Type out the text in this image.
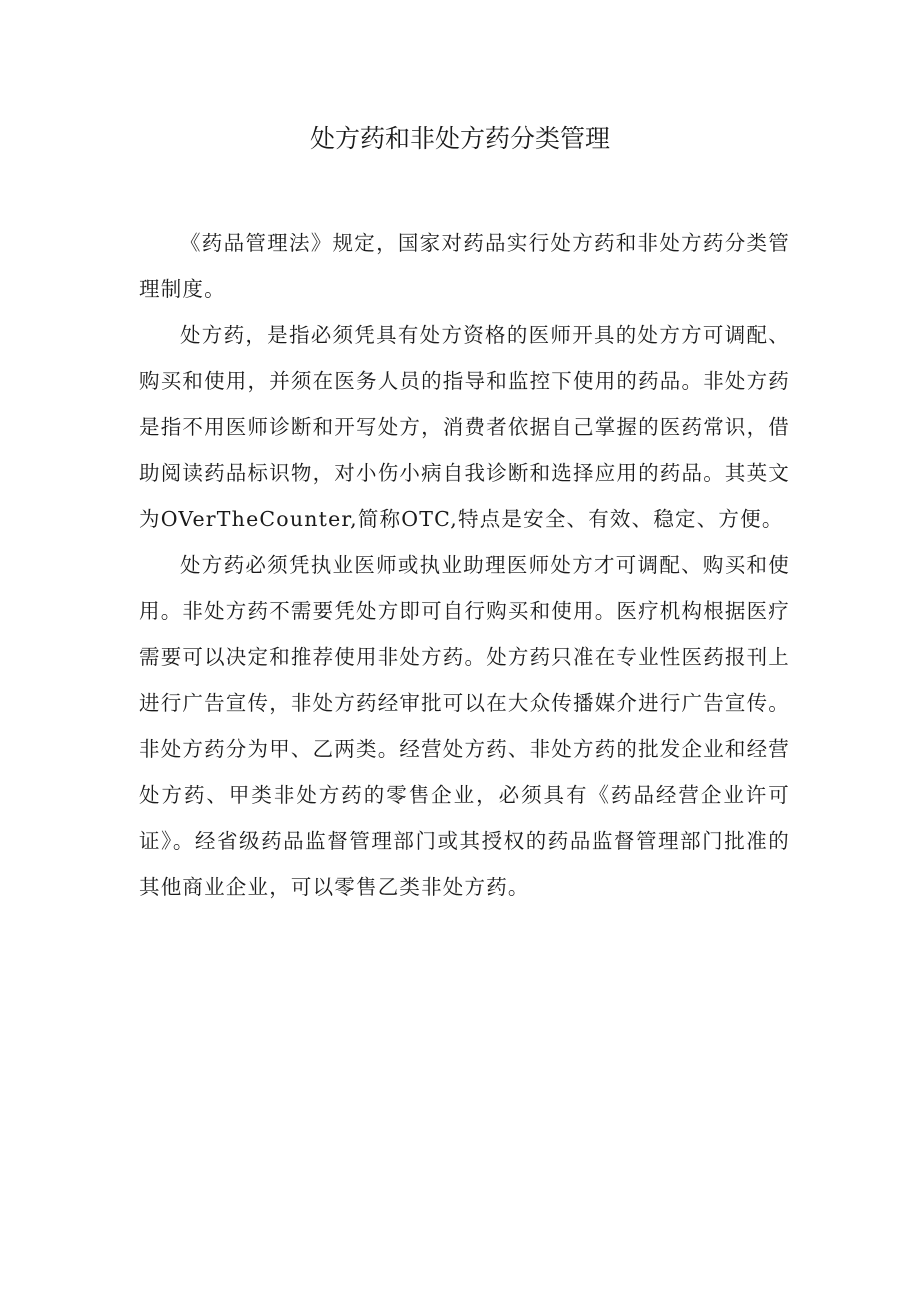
处方药和非处方药分类管理

《药品管理法》规定，国家对药品实行处方药和非处方药分类管理制度。

处方药，是指必须凭具有处方资格的医师开具的处方方可调配、购买和使用，并须在医务人员的指导和监控下使用的药品。非处方药是指不用医师诊断和开写处方，消费者依据自己掌握的医药常识，借助阅读药品标识物，对小伤小病自我诊断和选择应用的药品。其英文为OVerTheCounter,简称OTC,特点是安全、有效、稳定、方便。

处方药必须凭执业医师或执业助理医师处方才可调配、购买和使用。非处方药不需要凭处方即可自行购买和使用。医疗机构根据医疗需要可以决定和推荐使用非处方药。处方药只准在专业性医药报刊上进行广告宣传，非处方药经审批可以在大众传播媒介进行广告宣传。非处方药分为甲、乙两类。经营处方药、非处方药的批发企业和经营处方药、甲类非处方药的零售企业，必须具有《药品经营企业许可证》。经省级药品监督管理部门或其授权的药品监督管理部门批准的其他商业企业，可以零售乙类非处方药。
